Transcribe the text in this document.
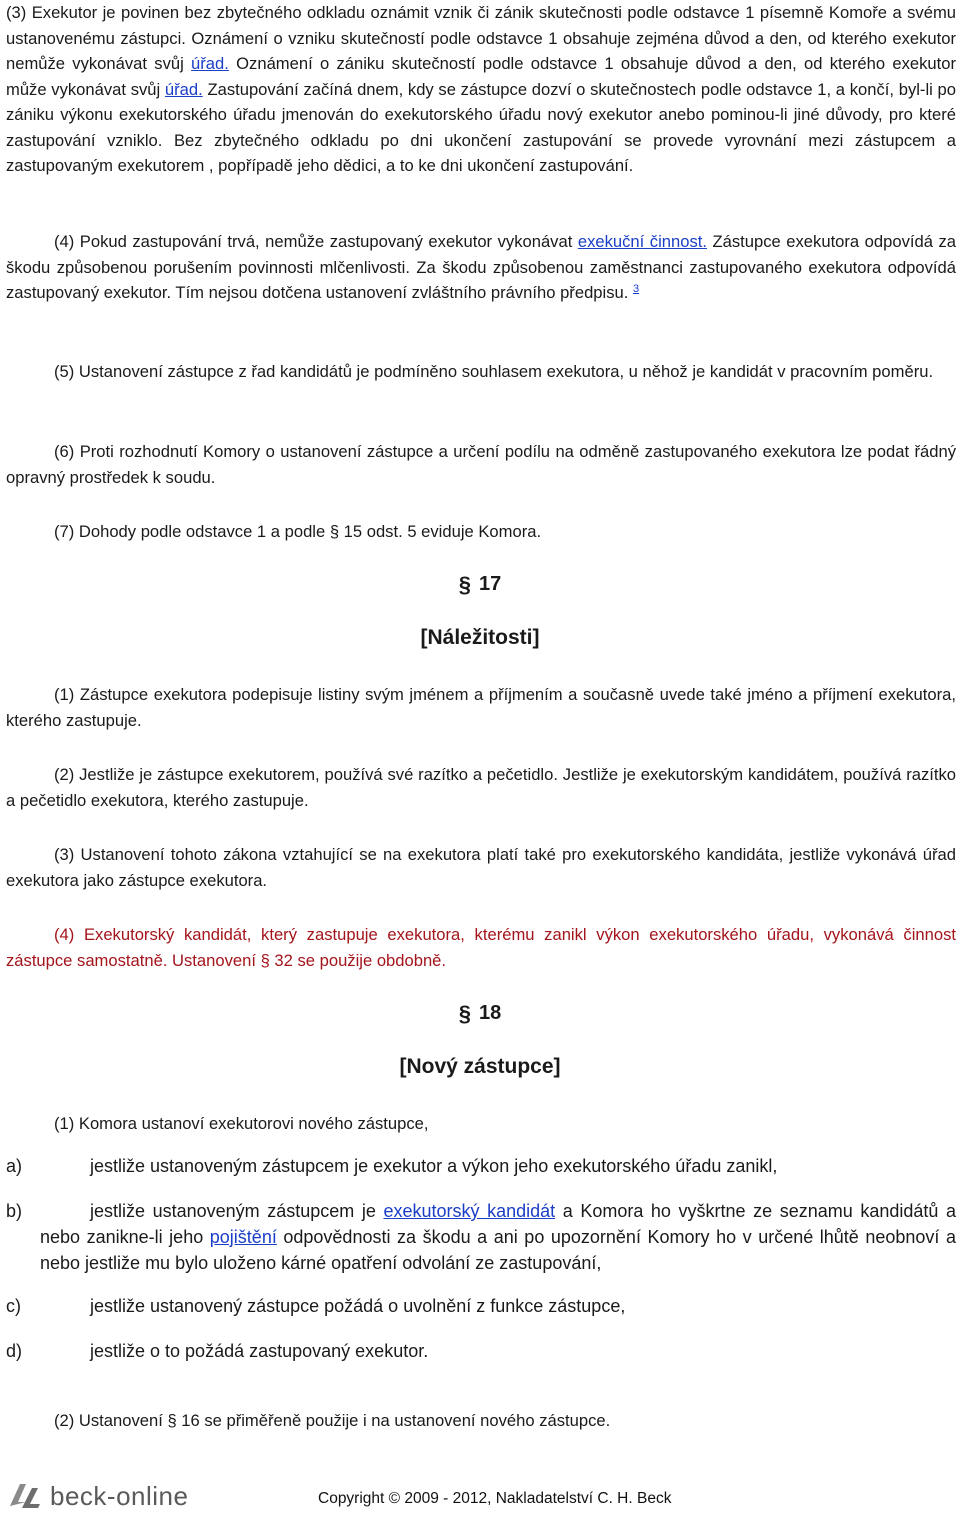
(3) Exekutor je povinen bez zbytečného odkladu oznámit vznik či zánik skutečnosti podle odstavce 1 písemně Komoře a svému ustanovenému zástupci. Oznámení o vzniku skutečností podle odstavce 1 obsahuje zejména důvod a den, od kterého exekutor nemůže vykonávat svůj úřad. Oznámení o zániku skutečností podle odstavce 1 obsahuje důvod a den, od kterého exekutor může vykonávat svůj úřad. Zastupování začíná dnem, kdy se zástupce dozví o skutečnostech podle odstavce 1, a končí, byl-li po zániku výkonu exekutorského úřadu jmenován do exekutorského úřadu nový exekutor anebo pominou-li jiné důvody, pro které zastupování vzniklo. Bez zbytečného odkladu po dni ukončení zastupování se provede vyrovnání mezi zástupcem a zastupovaným exekutorem , popřípadě jeho dědici, a to ke dni ukončení zastupování.

(4) Pokud zastupování trvá, nemůže zastupovaný exekutor vykonávat exekuční činnost. Zástupce exekutora odpovídá za škodu způsobenou porušením povinnosti mlčenlivosti. Za škodu způsobenou zaměstnanci zastupovaného exekutora odpovídá zastupovaný exekutor. Tím nejsou dotčena ustanovení zvláštního právního předpisu. $^3$

(5) Ustanovení zástupce z řad kandidátů je podmíněno souhlasem exekutora, u něhož je kandidát v pracovním poměru.

(6) Proti rozhodnutí Komory o ustanovení zástupce a určení podílu na odměně zastupovaného exekutora lze podat řádný opravný prostředek k soudu.

(7) Dohody podle odstavce 1 a podle § 15 odst. 5 eviduje Komora.

§ 17
[Náležitosti]

(1) Zástupce exekutora podepisuje listiny svým jménem a příjmením a současně uvede také jméno a příjmení exekutora, kterého zastupuje.

(2) Jestliže je zástupce exekutorem, používá své razítko a pečetidlo. Jestliže je exekutorským kandidátem, používá razítko a pečetidlo exekutora, kterého zastupuje.

(3) Ustanovení tohoto zákona vztahující se na exekutora platí také pro exekutorského kandidáta, jestliže vykonává úřad exekutora jako zástupce exekutora.

(4) Exekutorský kandidát, který zastupuje exekutora, kterému zanikl výkon exekutorského úřadu, vykonává činnost zástupce samostatně. Ustanovení § 32 se použije obdobně.

§ 18
[Nový zástupce]

(1) Komora ustanoví exekutorovi nového zástupce,

a)	jestliže ustanoveným zástupcem je exekutor a výkon jeho exekutorského úřadu zanikl,
b)	jestliže ustanoveným zástupcem je exekutorský kandidát a Komora ho vyškrtne ze seznamu kandidátů a nebo zanikne-li jeho pojištění odpovědnosti za škodu a ani po upozornění Komory ho v určené lhůtě neobnoví a nebo jestliže mu bylo uloženo kárné opatření odvolání ze zastupování,
c)	jestliže ustanovený zástupce požádá o uvolnění z funkce zástupce,
d)	jestliže o to požádá zastupovaný exekutor.

(2) Ustanovení § 16 se přiměřeně použije i na ustanovení nového zástupce.

beck-online	Copyright © 2009 - 2012, Nakladatelství C. H. Beck
